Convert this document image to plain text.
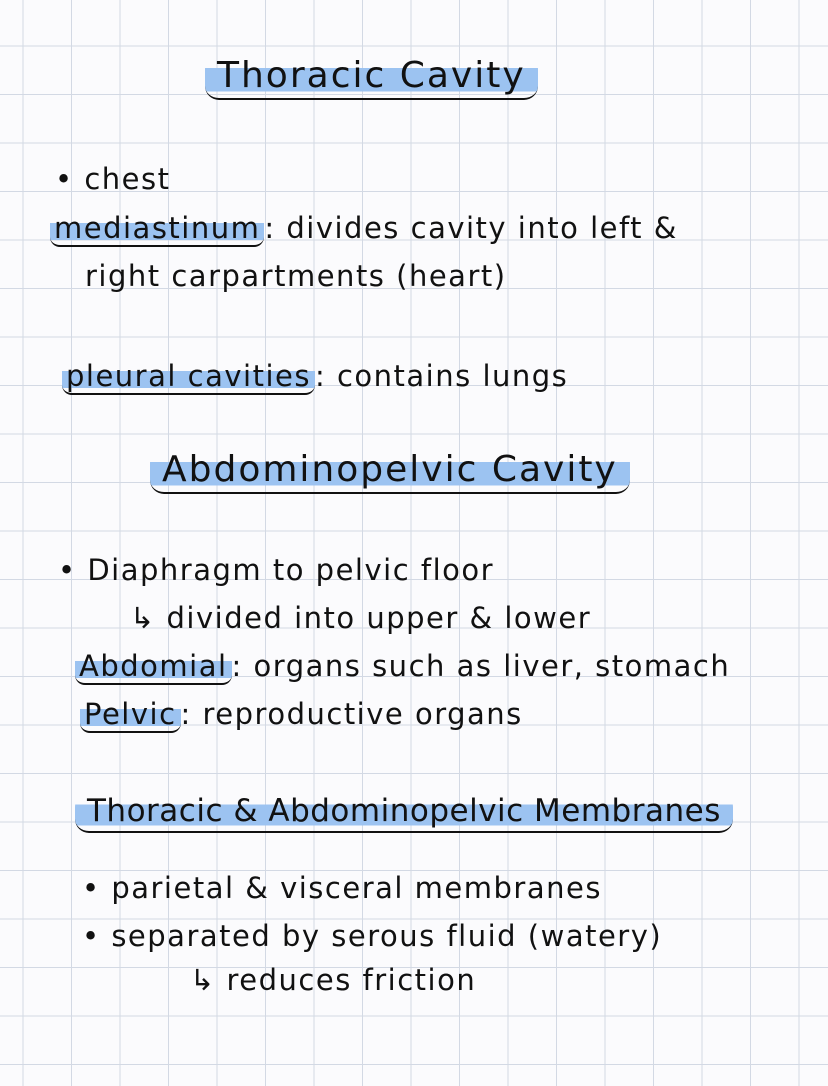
Thoracic Cavity
• chest
mediastinum : divides cavity into left &
right carpartments (heart)
pleural cavities : contains lungs
Abdominopelvic Cavity
• Diaphragm to pelvic floor
↳ divided into upper & lower
Abdomial : organs such as liver, stomach
Pelvic : reproductive organs
Thoracic & Abdominopelvic Membranes
• parietal & visceral membranes
• separated by serous fluid (watery)
↳ reduces friction
